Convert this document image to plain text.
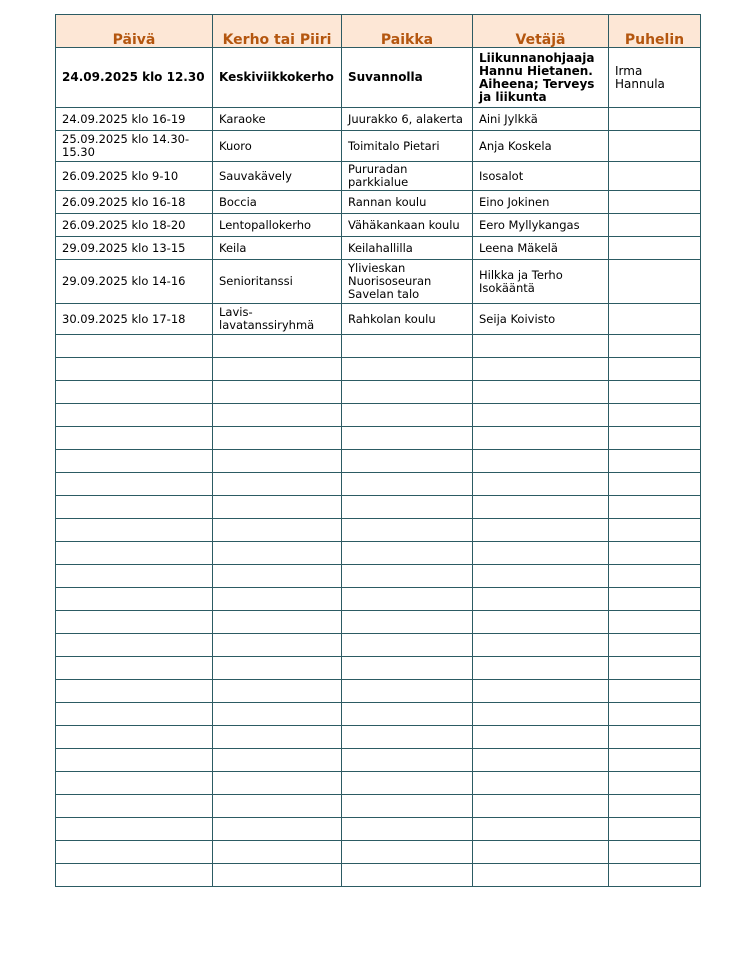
Päivä	Kerho tai Piiri	Paikka	Vetäjä	Puhelin
24.09.2025 klo 12.30	Keskiviikkokerho	Suvannolla	Liikunnanohjaaja Hannu Hietanen. Aiheena; Terveys ja liikunta	Irma Hannula
24.09.2025 klo 16-19	Karaoke	Juurakko 6, alakerta	Aini Jylkkä	
25.09.2025 klo 14.30-15.30	Kuoro	Toimitalo Pietari	Anja Koskela	
26.09.2025 klo 9-10	Sauvakävely	Pururadan parkkialue	Isosalot	
26.09.2025 klo 16-18	Boccia	Rannan koulu	Eino Jokinen	
26.09.2025 klo 18-20	Lentopallokerho	Vähäkankaan koulu	Eero Myllykangas	
29.09.2025 klo 13-15	Keila	Keilahallilla	Leena Mäkelä	
29.09.2025 klo 14-16	Senioritanssi	Ylivieskan Nuorisoseuran Savelan talo	Hilkka ja Terho Isokääntä	
30.09.2025 klo 17-18	Lavis-lavatanssiryhmä	Rahkolan koulu	Seija Koivisto	
